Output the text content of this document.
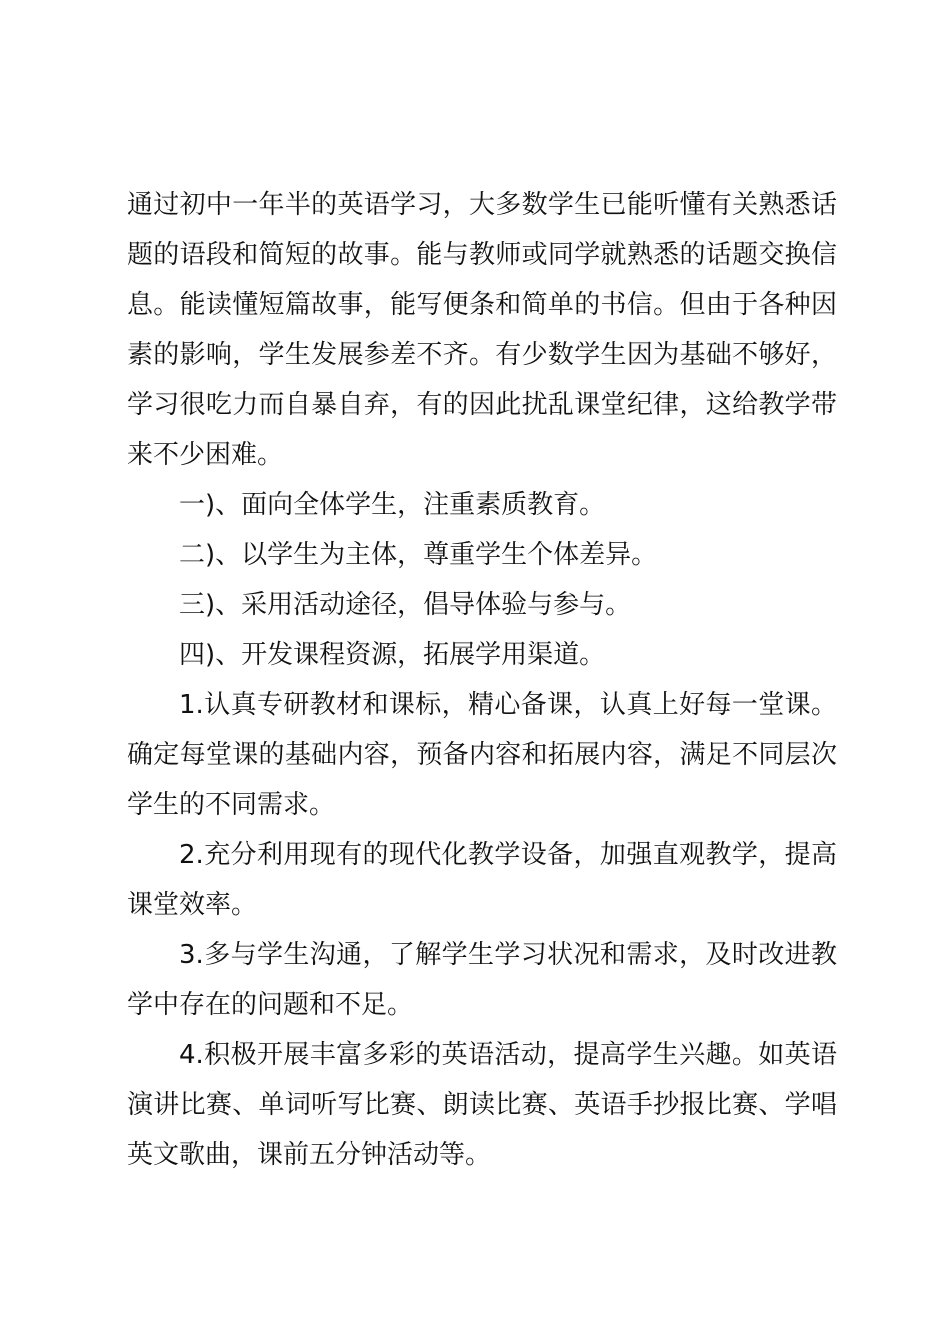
通过初中一年半的英语学习，大多数学生已能听懂有关熟悉话题的语段和简短的故事。能与教师或同学就熟悉的话题交换信息。能读懂短篇故事，能写便条和简单的书信。但由于各种因素的影响，学生发展参差不齐。有少数学生因为基础不够好，学习很吃力而自暴自弃，有的因此扰乱课堂纪律，这给教学带来不少困难。

一)、面向全体学生，注重素质教育。

二)、以学生为主体，尊重学生个体差异。

三)、采用活动途径，倡导体验与参与。

四)、开发课程资源，拓展学用渠道。

1.认真专研教材和课标，精心备课，认真上好每一堂课。确定每堂课的基础内容，预备内容和拓展内容，满足不同层次学生的不同需求。

2.充分利用现有的现代化教学设备，加强直观教学，提高课堂效率。

3.多与学生沟通，了解学生学习状况和需求，及时改进教学中存在的问题和不足。

4.积极开展丰富多彩的英语活动，提高学生兴趣。如英语演讲比赛、单词听写比赛、朗读比赛、英语手抄报比赛、学唱英文歌曲，课前五分钟活动等。
